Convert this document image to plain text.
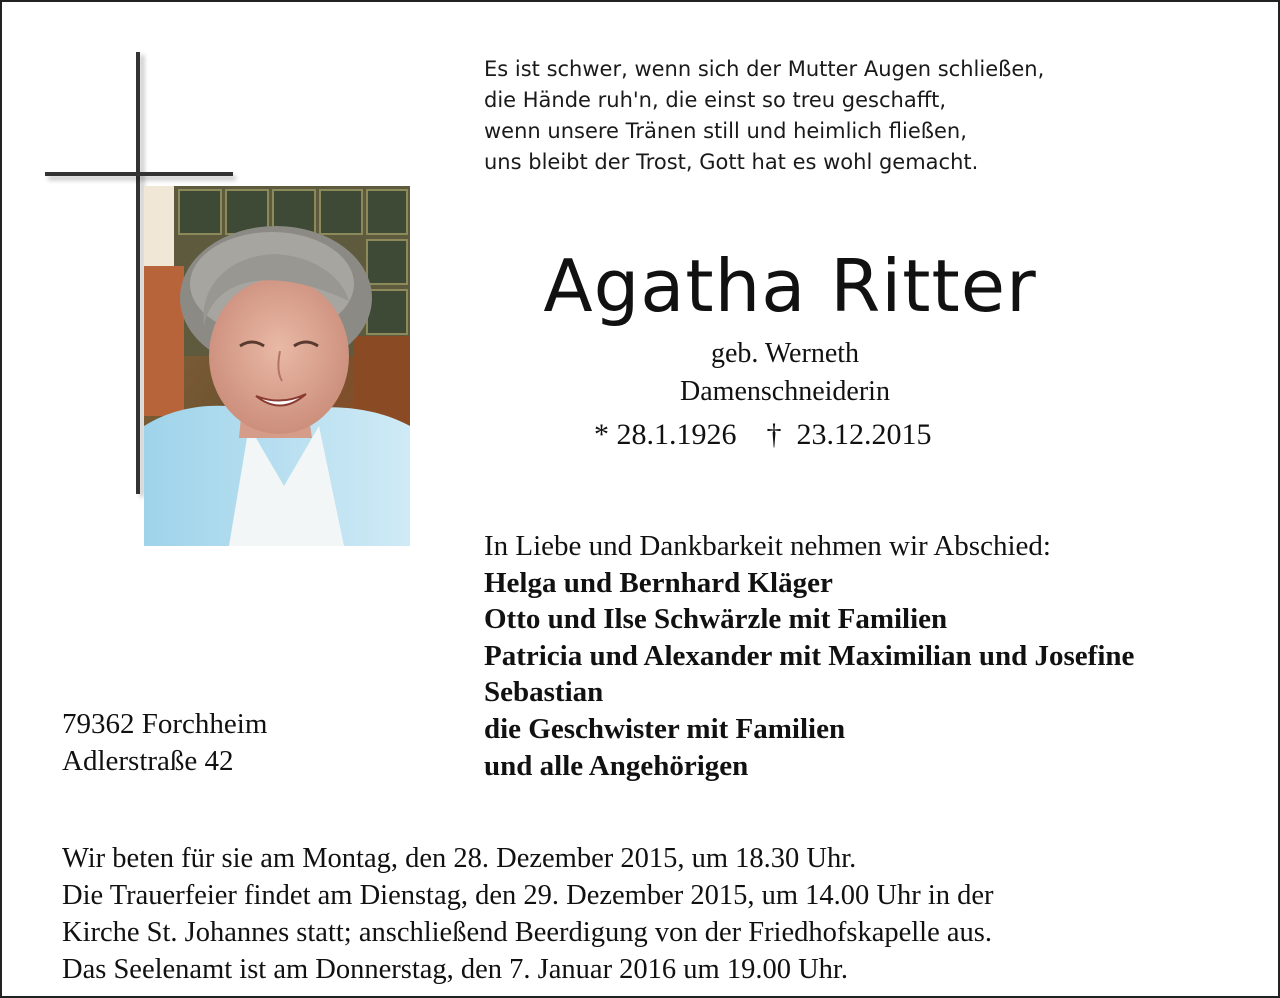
Es ist schwer, wenn sich der Mutter Augen schließen,
die Hände ruh'n, die einst so treu geschafft,
wenn unsere Tränen still und heimlich fließen,
uns bleibt der Trost, Gott hat es wohl gemacht.
Agatha Ritter
geb. Werneth
Damenschneiderin
* 28.1.1926 † 23.12.2015
In Liebe und Dankbarkeit nehmen wir Abschied:
Helga und Bernhard Kläger
Otto und Ilse Schwärzle mit Familien
Patricia und Alexander mit Maximilian und Josefine
Sebastian
die Geschwister mit Familien
und alle Angehörigen
79362 Forchheim
Adlerstraße 42
Wir beten für sie am Montag, den 28. Dezember 2015, um 18.30 Uhr.
Die Trauerfeier findet am Dienstag, den 29. Dezember 2015, um 14.00 Uhr in der
Kirche St. Johannes statt; anschließend Beerdigung von der Friedhofskapelle aus.
Das Seelenamt ist am Donnerstag, den 7. Januar 2016 um 19.00 Uhr.
